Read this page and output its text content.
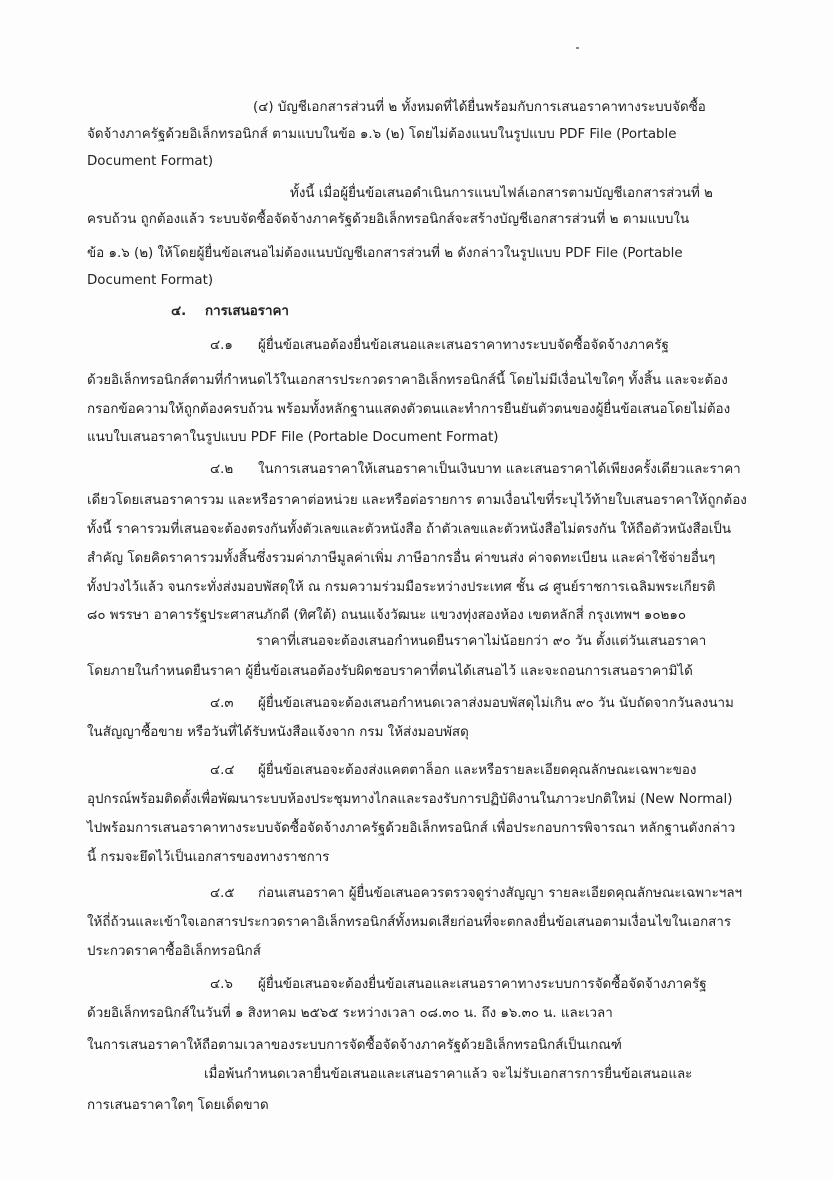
(๔) บัญชีเอกสารส่วนที่ ๒ ทั้งหมดที่ได้ยื่นพร้อมกับการเสนอราคาทางระบบจัดซื้อ
จัดจ้างภาครัฐด้วยอิเล็กทรอนิกส์ ตามแบบในข้อ ๑.๖ (๒) โดยไม่ต้องแนบในรูปแบบ PDF File (Portable
Document Format)
ทั้งนี้ เมื่อผู้ยื่นข้อเสนอดำเนินการแนบไฟล์เอกสารตามบัญชีเอกสารส่วนที่ ๒
ครบถ้วน ถูกต้องแล้ว ระบบจัดซื้อจัดจ้างภาครัฐด้วยอิเล็กทรอนิกส์จะสร้างบัญชีเอกสารส่วนที่ ๒ ตามแบบใน
ข้อ ๑.๖ (๒) ให้โดยผู้ยื่นข้อเสนอไม่ต้องแนบบัญชีเอกสารส่วนที่ ๒ ดังกล่าวในรูปแบบ PDF File (Portable
Document Format)
๔. การเสนอราคา
๔.๑ ผู้ยื่นข้อเสนอต้องยื่นข้อเสนอและเสนอราคาทางระบบจัดซื้อจัดจ้างภาครัฐ
ด้วยอิเล็กทรอนิกส์ตามที่กำหนดไว้ในเอกสารประกวดราคาอิเล็กทรอนิกส์นี้ โดยไม่มีเงื่อนไขใดๆ ทั้งสิ้น และจะต้อง
กรอกข้อความให้ถูกต้องครบถ้วน พร้อมทั้งหลักฐานแสดงตัวตนและทำการยืนยันตัวตนของผู้ยื่นข้อเสนอโดยไม่ต้อง
แนบใบเสนอราคาในรูปแบบ PDF File (Portable Document Format)
๔.๒ ในการเสนอราคาให้เสนอราคาเป็นเงินบาท และเสนอราคาได้เพียงครั้งเดียวและราคา
เดียวโดยเสนอราคารวม และหรือราคาต่อหน่วย และหรือต่อรายการ ตามเงื่อนไขที่ระบุไว้ท้ายใบเสนอราคาให้ถูกต้อง
ทั้งนี้ ราคารวมที่เสนอจะต้องตรงกันทั้งตัวเลขและตัวหนังสือ ถ้าตัวเลขและตัวหนังสือไม่ตรงกัน ให้ถือตัวหนังสือเป็น
สำคัญ โดยคิดราคารวมทั้งสิ้นซึ่งรวมค่าภาษีมูลค่าเพิ่ม ภาษีอากรอื่น ค่าขนส่ง ค่าจดทะเบียน และค่าใช้จ่ายอื่นๆ
ทั้งปวงไว้แล้ว จนกระทั่งส่งมอบพัสดุให้ ณ กรมความร่วมมือระหว่างประเทศ ชั้น ๘ ศูนย์ราชการเฉลิมพระเกียรติ
๘๐ พรรษา อาคารรัฐประศาสนภักดี (ทิศใต้) ถนนแจ้งวัฒนะ แขวงทุ่งสองห้อง เขตหลักสี่ กรุงเทพฯ ๑๐๒๑๐
ราคาที่เสนอจะต้องเสนอกำหนดยืนราคาไม่น้อยกว่า ๙๐ วัน ตั้งแต่วันเสนอราคา
โดยภายในกำหนดยืนราคา ผู้ยื่นข้อเสนอต้องรับผิดชอบราคาที่ตนได้เสนอไว้ และจะถอนการเสนอราคามิได้
๔.๓ ผู้ยื่นข้อเสนอจะต้องเสนอกำหนดเวลาส่งมอบพัสดุไม่เกิน ๙๐ วัน นับถัดจากวันลงนาม
ในสัญญาซื้อขาย หรือวันที่ได้รับหนังสือแจ้งจาก กรม ให้ส่งมอบพัสดุ
๔.๔ ผู้ยื่นข้อเสนอจะต้องส่งแคตตาล็อก และหรือรายละเอียดคุณลักษณะเฉพาะของ
อุปกรณ์พร้อมติดตั้งเพื่อพัฒนาระบบห้องประชุมทางไกลและรองรับการปฏิบัติงานในภาวะปกติใหม่ (New Normal)
ไปพร้อมการเสนอราคาทางระบบจัดซื้อจัดจ้างภาครัฐด้วยอิเล็กทรอนิกส์ เพื่อประกอบการพิจารณา หลักฐานดังกล่าว
นี้ กรมจะยึดไว้เป็นเอกสารของทางราชการ
๔.๕ ก่อนเสนอราคา ผู้ยื่นข้อเสนอควรตรวจดูร่างสัญญา รายละเอียดคุณลักษณะเฉพาะฯลฯ
ให้ถี่ถ้วนและเข้าใจเอกสารประกวดราคาอิเล็กทรอนิกส์ทั้งหมดเสียก่อนที่จะตกลงยื่นข้อเสนอตามเงื่อนไขในเอกสาร
ประกวดราคาซื้ออิเล็กทรอนิกส์
๔.๖ ผู้ยื่นข้อเสนอจะต้องยื่นข้อเสนอและเสนอราคาทางระบบการจัดซื้อจัดจ้างภาครัฐ
ด้วยอิเล็กทรอนิกส์ในวันที่ ๑ สิงหาคม ๒๕๖๕ ระหว่างเวลา ๐๘.๓๐ น. ถึง ๑๖.๓๐ น. และเวลา
ในการเสนอราคาให้ถือตามเวลาของระบบการจัดซื้อจัดจ้างภาครัฐด้วยอิเล็กทรอนิกส์เป็นเกณฑ์
เมื่อพ้นกำหนดเวลายื่นข้อเสนอและเสนอราคาแล้ว จะไม่รับเอกสารการยื่นข้อเสนอและ
การเสนอราคาใดๆ โดยเด็ดขาด
